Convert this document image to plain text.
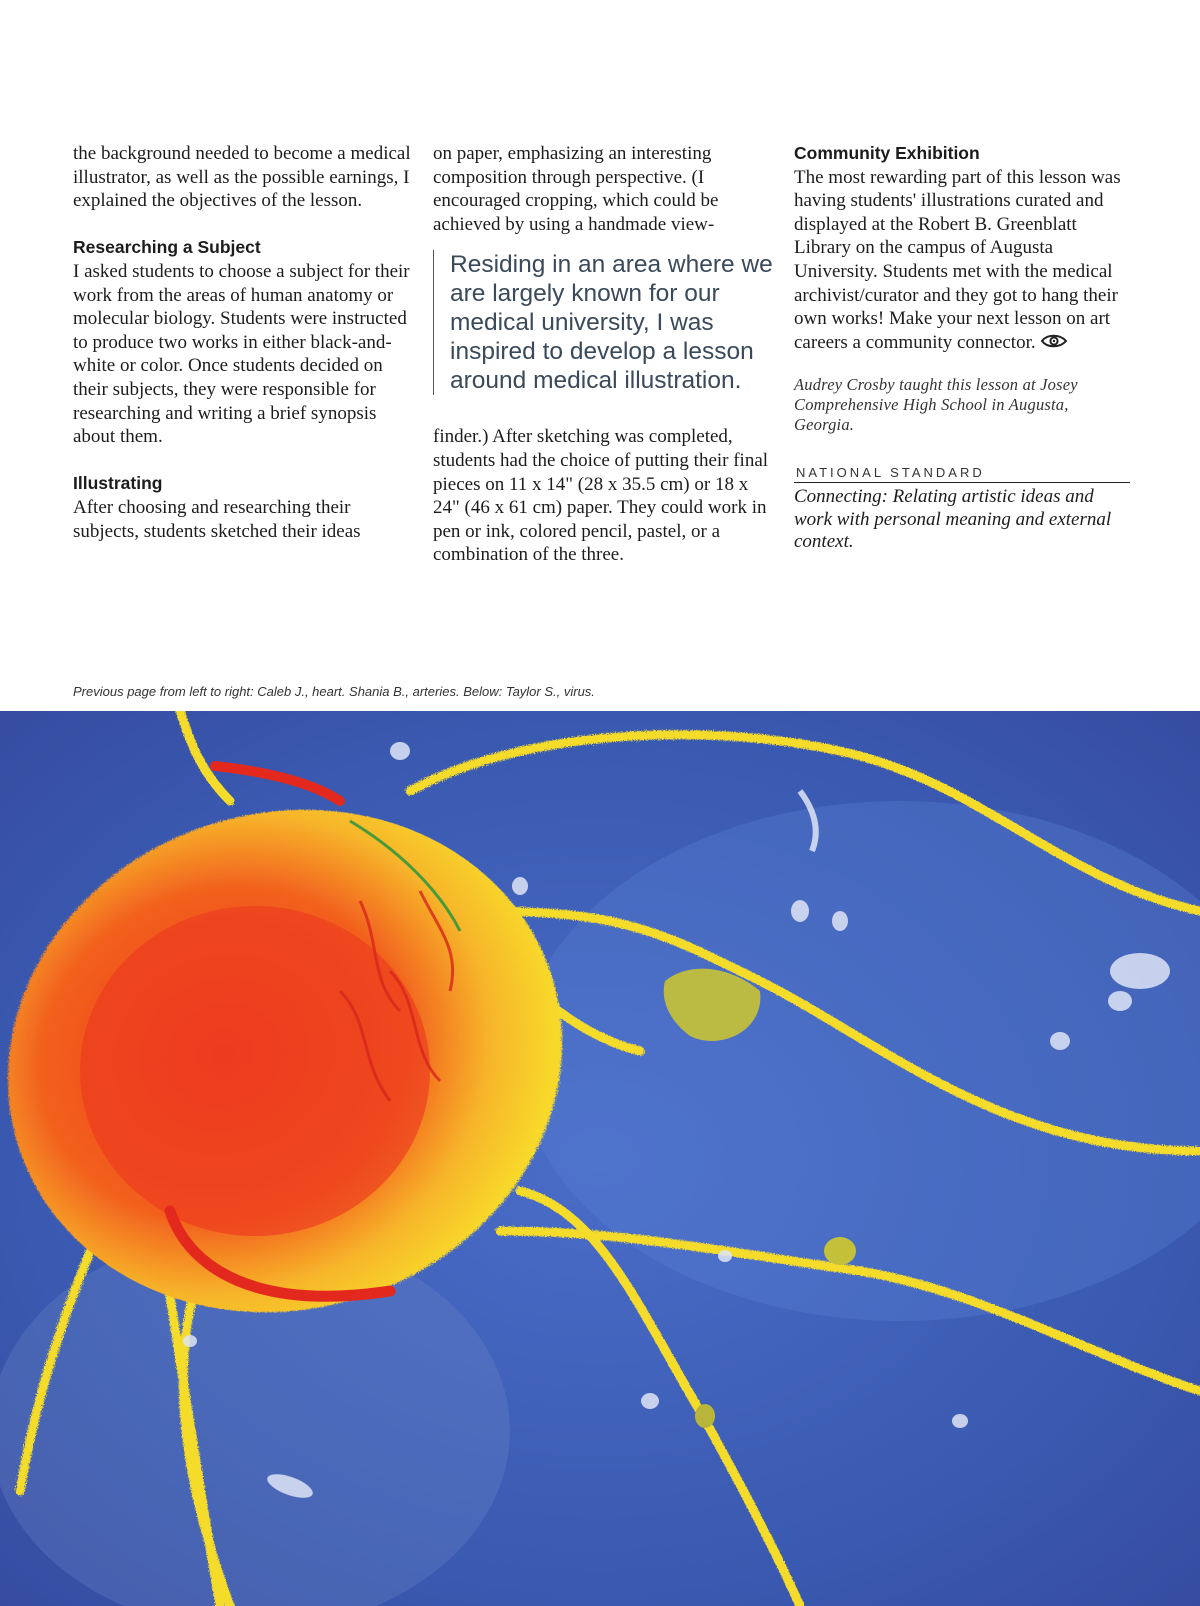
the background needed to become a medical illustrator, as well as the possible earnings, I explained the objectives of the lesson.

Researching a Subject

I asked students to choose a subject for their work from the areas of human anatomy or molecular biology. Students were instructed to produce two works in either black-and-white or color. Once students decided on their subjects, they were responsible for researching and writing a brief synopsis about them.

Illustrating

After choosing and researching their subjects, students sketched their ideas

on paper, emphasizing an interesting composition through perspective. (I encouraged cropping, which could be achieved by using a handmade view-

Residing in an area where we are largely known for our medical university, I was inspired to develop a lesson around medical illustration.

finder.) After sketching was completed, students had the choice of putting their final pieces on 11 x 14" (28 x 35.5 cm) or 18 x 24" (46 x 61 cm) paper. They could work in pen or ink, colored pencil, pastel, or a combination of the three.

Community Exhibition

The most rewarding part of this lesson was having students' illustrations curated and displayed at the Robert B. Greenblatt Library on the campus of Augusta University. Students met with the medical archivist/curator and they got to hang their own works! Make your next lesson on art careers a community connector.

Audrey Crosby taught this lesson at Josey Comprehensive High School in Augusta, Georgia.

NATIONAL STANDARD
Connecting: Relating artistic ideas and work with personal meaning and external context.
Previous page from left to right: Caleb J., heart. Shania B., arteries. Below: Taylor S., virus.
